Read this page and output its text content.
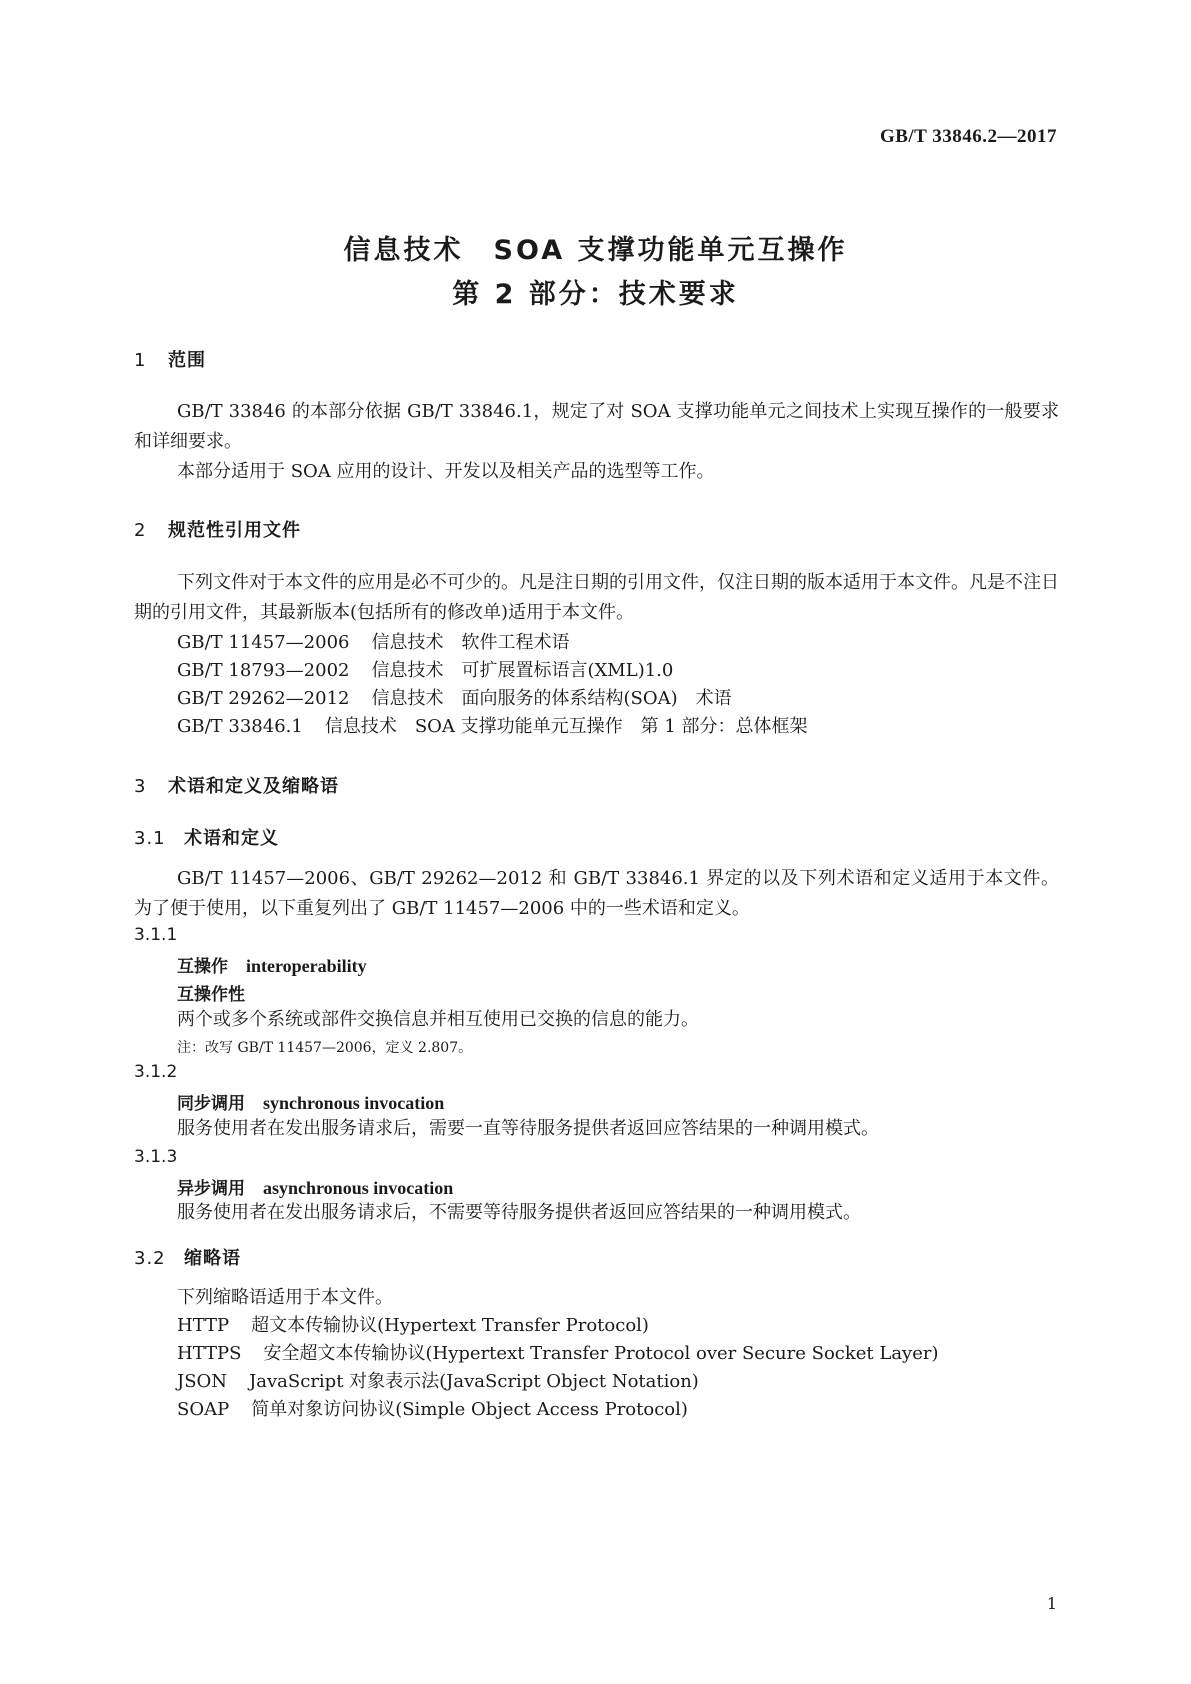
GB/T 33846.2—2017
信息技术　SOA 支撑功能单元互操作
第 2 部分：技术要求
1 范围
GB/T 33846 的本部分依据 GB/T 33846.1，规定了对 SOA 支撑功能单元之间技术上实现互操作的一般要求和详细要求。
本部分适用于 SOA 应用的设计、开发以及相关产品的选型等工作。
2 规范性引用文件
下列文件对于本文件的应用是必不可少的。凡是注日期的引用文件，仅注日期的版本适用于本文件。凡是不注日期的引用文件，其最新版本(包括所有的修改单)适用于本文件。
GB/T 11457—2006 信息技术　软件工程术语
GB/T 18793—2002 信息技术　可扩展置标语言(XML)1.0
GB/T 29262—2012 信息技术　面向服务的体系结构(SOA)　术语
GB/T 33846.1 信息技术　SOA 支撑功能单元互操作　第 1 部分：总体框架
3 术语和定义及缩略语
3.1 术语和定义
GB/T 11457—2006、GB/T 29262—2012 和 GB/T 33846.1 界定的以及下列术语和定义适用于本文件。为了便于使用，以下重复列出了 GB/T 11457—2006 中的一些术语和定义。
3.1.1
互操作 interoperability
互操作性
两个或多个系统或部件交换信息并相互使用已交换的信息的能力。
注：改写 GB/T 11457—2006，定义 2.807。
3.1.2
同步调用 synchronous invocation
服务使用者在发出服务请求后，需要一直等待服务提供者返回应答结果的一种调用模式。
3.1.3
异步调用 asynchronous invocation
服务使用者在发出服务请求后，不需要等待服务提供者返回应答结果的一种调用模式。
3.2 缩略语
下列缩略语适用于本文件。
HTTP 超文本传输协议(Hypertext Transfer Protocol)
HTTPS 安全超文本传输协议(Hypertext Transfer Protocol over Secure Socket Layer)
JSON JavaScript 对象表示法(JavaScript Object Notation)
SOAP 简单对象访问协议(Simple Object Access Protocol)
1
